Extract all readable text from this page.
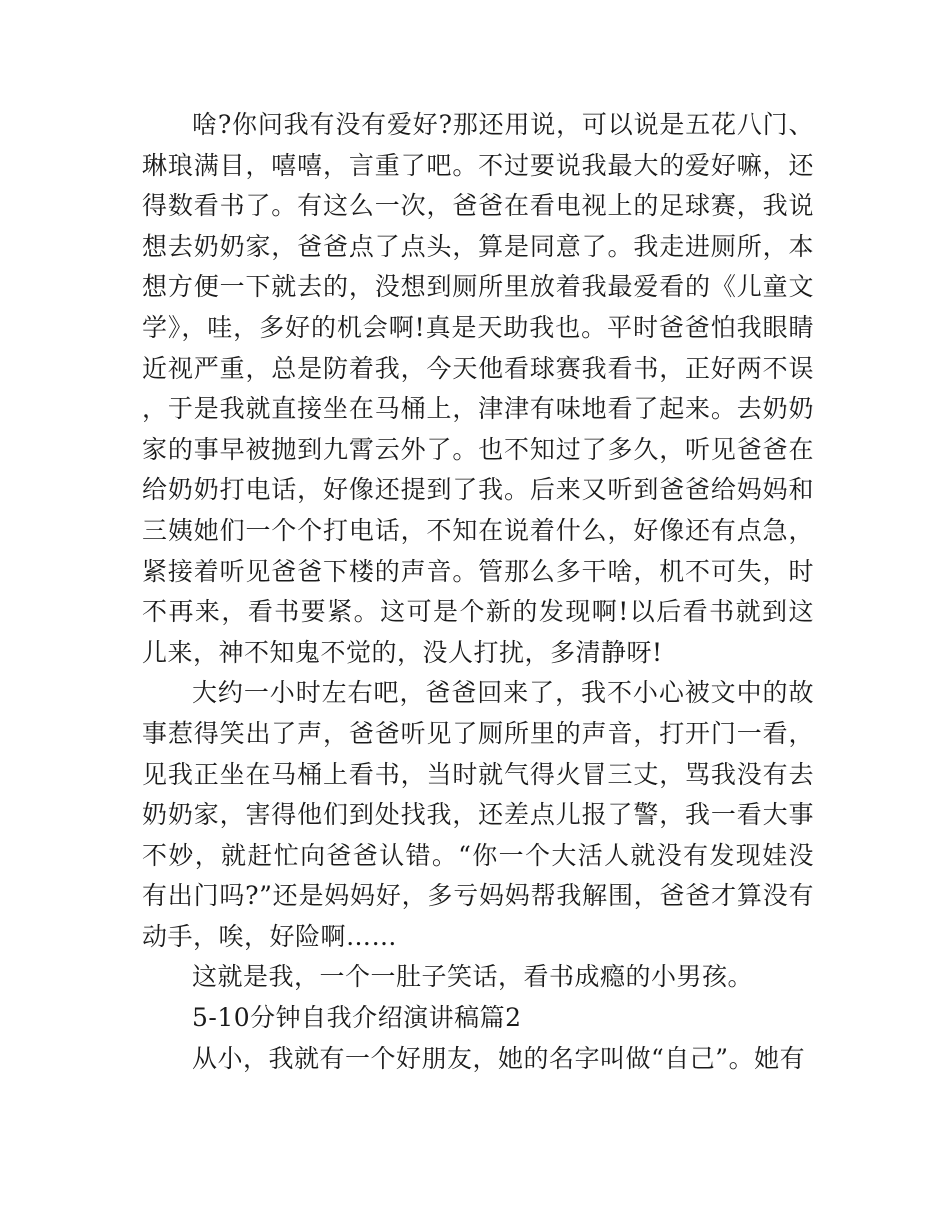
啥?你问我有没有爱好?那还用说，可以说是五花八门、琳琅满目，嘻嘻，言重了吧。不过要说我最大的爱好嘛，还得数看书了。有这么一次，爸爸在看电视上的足球赛，我说想去奶奶家，爸爸点了点头，算是同意了。我走进厕所，本想方便一下就去的，没想到厕所里放着我最爱看的《儿童文学》，哇，多好的机会啊!真是天助我也。平时爸爸怕我眼睛近视严重，总是防着我，今天他看球赛我看书，正好两不误，于是我就直接坐在马桶上，津津有味地看了起来。去奶奶家的事早被抛到九霄云外了。也不知过了多久，听见爸爸在给奶奶打电话，好像还提到了我。后来又听到爸爸给妈妈和三姨她们一个个打电话，不知在说着什么，好像还有点急，紧接着听见爸爸下楼的声音。管那么多干啥，机不可失，时不再来，看书要紧。这可是个新的发现啊!以后看书就到这儿来，神不知鬼不觉的，没人打扰，多清静呀!

大约一小时左右吧，爸爸回来了，我不小心被文中的故事惹得笑出了声，爸爸听见了厕所里的声音，打开门一看，见我正坐在马桶上看书，当时就气得火冒三丈，骂我没有去奶奶家，害得他们到处找我，还差点儿报了警，我一看大事不妙，就赶忙向爸爸认错。“你一个大活人就没有发现娃没有出门吗?”还是妈妈好，多亏妈妈帮我解围，爸爸才算没有动手，唉，好险啊……

这就是我，一个一肚子笑话，看书成瘾的小男孩。

5-10分钟自我介绍演讲稿篇2

从小，我就有一个好朋友，她的名字叫做“自己”。她有
